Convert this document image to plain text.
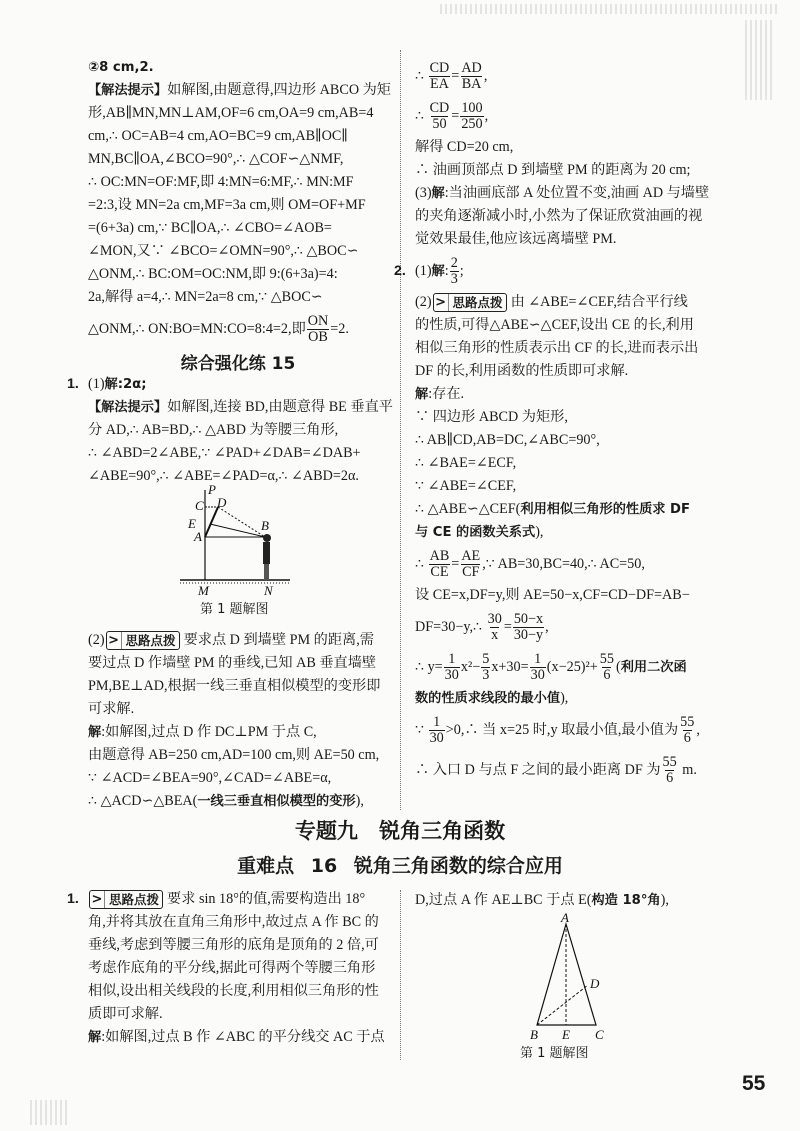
②8 cm,2.
【解法提示】 如解图,由题意得,四边形 ABCO 为矩
形,AB∥MN,MN⊥AM,OF=6 cm,OA=9 cm,AB=4
cm,∴ OC=AB=4 cm,AO=BC=9 cm,AB∥OC∥
MN,BC∥OA,∠BCO=90°,∴ △COF∽△NMF,
∴ OC:MN=OF:MF,即 4:MN=6:MF,∴ MN:MF
=2:3,设 MN=2a cm,MF=3a cm,则 OM=OF+MF
=(6+3a) cm,∵ BC∥OA,∴ ∠CBO=∠AOB=
∠MON,又∵ ∠BCO=∠OMN=90°,∴ △BOC∽
△ONM,∴ BC:OM=OC:NM,即 9:(6+3a)=4:
2a,解得 a=4,∴ MN=2a=8 cm,∵ △BOC∽
△ONM,∴ ON:BO=MN:CO=8:4=2,即 $\frac{ON}{OB} =2$.
综合强化练 15
1. (1) 解:2α;
【解法提示】 如解图,连接 BD,由题意得 BE 垂直平
分 AD,∴ AB=BD,∴ △ABD 为等腰三角形,
∴ ∠ABD=2∠ABE,∵ ∠PAD+∠DAB=∠DAB+
∠ABE=90°,∴ ∠ABE=∠PAD=α,∴ ∠ABD=2α.
P
C D
E	B
A
M	N
第 1 题解图
(2) > 思路点拨 要求点 D 到墙壁 PM 的距离,需
要过点 D 作墙壁 PM 的垂线,已知 AB 垂直墙壁
PM,BE⊥AD,根据一线三垂直相似模型的变形即
可求解.
解 :如解图,过点 D 作 DC⊥PM 于点 C,
由题意得 AB=250 cm,AD=100 cm,则 AE=50 cm,
∵ ∠ACD=∠BEA=90°,∠CAD=∠ABE=α,
∴ △ACD∽△BEA( 一线三垂直相似模型的变形 ),
∴ $\frac{CD}{EA} = \frac{AD}{BA}$ ,
∴ $\frac{CD}{50} = \frac{100}{250}$ ,
解得 CD=20 cm,
∴ 油画顶部点 D 到墙壁 PM 的距离为 20 cm;
(3) 解 :当油画底部 A 处位置不变,油画 AD 与墙壁
的夹角逐渐减小时,小然为了保证欣赏油画的视
觉效果最佳,他应该远离墙壁 PM.
2. (1) 解 : $\frac{2}{3}$ ;
(2) > 思路点拨 由 ∠ABE=∠CEF,结合平行线
的性质,可得△ABE∽△CEF,设出 CE 的长,利用
相似三角形的性质表示出 CF 的长,进而表示出
DF 的长,利用函数的性质即可求解.
解 :存在.
∵ 四边形 ABCD 为矩形,
∴ AB∥CD,AB=DC,∠ABC=90°,
∴ ∠BAE=∠ECF,
∵ ∠ABE=∠CEF,
∴ △ABE∽△CEF( 利用相似三角形的性质求 DF
与 CE 的函数关系式 ),
∴ $\frac{AB}{CE} = \frac{AE}{CF}$ ,∵ AB=30,BC=40,∴ AC=50,
设 CE=x,DF=y,则 AE=50−x,CF=CD−DF=AB−
DF=30−y,∴ $\frac{30}{x} = \frac{50-x}{30-y}$ ,
∴ $y= \frac{1}{30} x^2- \frac{5}{3} x+30= \frac{1}{30} (x-25)^2+ \frac{55}{6}$ ( 利用二次函
数的性质求线段的最小值 ),
∵ $\frac{1}{30}$ >0,∴ 当 x=25 时,y 取最小值,最小值为 $\frac{55}{6}$ ,
∴ 入口 D 与点 F 之间的最小距离 DF 为 $\frac{55}{6} m$.
专题九 锐角三角函数
重难点 16 锐角三角函数的综合应用
1. > 思路点拨 要求 sin 18°的值,需要构造出 18°
角,并将其放在直角三角形中,故过点 A 作 BC 的
垂线,考虑到等腰三角形的底角是顶角的 2 倍,可
考虑作底角的平分线,据此可得两个等腰三角形
相似,设出相关线段的长度,利用相似三角形的性
质即可求解.
解 :如解图,过点 B 作 ∠ABC 的平分线交 AC 于点
D,过点 A 作 AE⊥BC 于点 E( 构造 18°角 ),
A
D
B E C
第 1 题解图
55
